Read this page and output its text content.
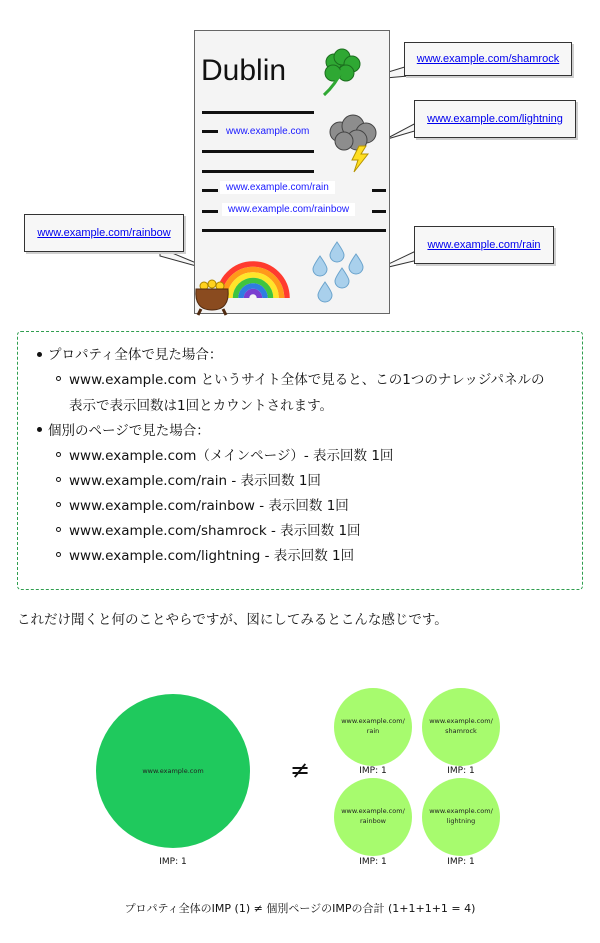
Dublin
www.example.com
www.example.com/rain
www.example.com/rainbow
www.example.com/shamrock
www.example.com/lightning
www.example.com/rain
www.example.com/rainbow
プロパティ全体で見た場合：
www.example.com というサイト全体で見ると、この1つのナレッジパネルの
表示で表示回数は1回とカウントされます。
個別のページで見た場合：
www.example.com（メインページ）- 表示回数 1回
www.example.com/rain - 表示回数 1回
www.example.com/rainbow - 表示回数 1回
www.example.com/shamrock - 表示回数 1回
www.example.com/lightning - 表示回数 1回
これだけ聞くと何のことやらですが、図にしてみるとこんな感じです。
www.example.com
IMP: 1
≠
www.example.com/
rain
IMP: 1
www.example.com/
shamrock
IMP: 1
www.example.com/
rainbow
IMP: 1
www.example.com/
lightning
IMP: 1
プロパティ全体のIMP (1) ≠ 個別ページのIMPの合計 (1+1+1+1 = 4)
